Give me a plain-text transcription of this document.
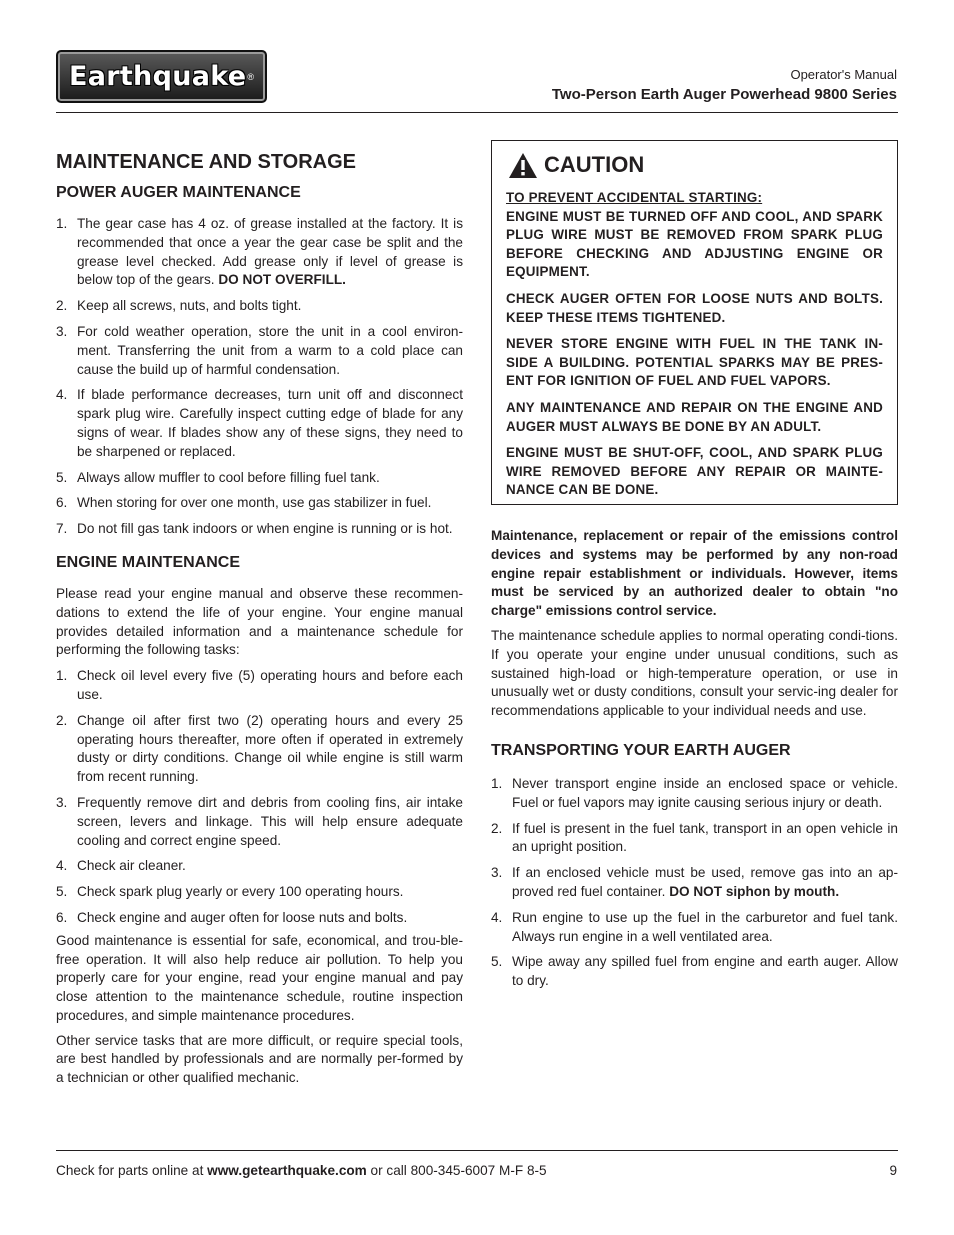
Earthquake ®	Operator's Manual
Two-Person Earth Auger Powerhead 9800 Series
MAINTENANCE AND STORAGE
POWER AUGER MAINTENANCE
1. The gear case has 4 oz. of grease installed at the factory. It is recommended that once a year the gear case be split and the grease level checked. Add grease only if level of grease is below top of the gears. DO NOT OVERFILL.
2. Keep all screws, nuts, and bolts tight.
3. For cold weather operation, store the unit in a cool environ-ment. Transferring the unit from a warm to a cold place can cause the build up of harmful condensation.
4. If blade performance decreases, turn unit off and disconnect spark plug wire. Carefully inspect cutting edge of blade for any signs of wear. If blades show any of these signs, they need to be sharpened or replaced.
5. Always allow muffler to cool before filling fuel tank.
6. When storing for over one month, use gas stabilizer in fuel.
7. Do not fill gas tank indoors or when engine is running or is hot.
ENGINE MAINTENANCE

Please read your engine manual and observe these recommen-dations to extend the life of your engine. Your engine manual provides detailed information and a maintenance schedule for performing the following tasks:

1. Check oil level every five (5) operating hours and before each use.
2. Change oil after first two (2) operating hours and every 25 operating hours thereafter, more often if operated in extremely dusty or dirty conditions. Change oil while engine is still warm from recent running.
3. Frequently remove dirt and debris from cooling fins, air intake screen, levers and linkage. This will help ensure adequate cooling and correct engine speed.
4. Check air cleaner.
5. Check spark plug yearly or every 100 operating hours.
6. Check engine and auger often for loose nuts and bolts.

Good maintenance is essential for safe, economical, and trou-ble-free operation. It will also help reduce air pollution. To help you properly care for your engine, read your engine manual and pay close attention to the maintenance schedule, routine inspection procedures, and simple maintenance procedures.

Other service tasks that are more difficult, or require special tools, are best handled by professionals and are normally per-formed by a technician or other qualified mechanic.

CAUTION

TO PREVENT ACCIDENTAL STARTING:
ENGINE MUST BE TURNED OFF AND COOL, AND SPARK PLUG WIRE MUST BE REMOVED FROM SPARK PLUG BEFORE CHECKING AND ADJUSTING ENGINE OR EQUIPMENT.

CHECK AUGER OFTEN FOR LOOSE NUTS AND BOLTS. KEEP THESE ITEMS TIGHTENED.

NEVER STORE ENGINE WITH FUEL IN THE TANK IN-SIDE A BUILDING. POTENTIAL SPARKS MAY BE PRES-ENT FOR IGNITION OF FUEL AND FUEL VAPORS.

ANY MAINTENANCE AND REPAIR ON THE ENGINE AND AUGER MUST ALWAYS BE DONE BY AN ADULT.

ENGINE MUST BE SHUT-OFF, COOL, AND SPARK PLUG WIRE REMOVED BEFORE ANY REPAIR OR MAINTE-NANCE CAN BE DONE.

Maintenance, replacement or repair of the emissions control devices and systems may be performed by any non-road engine repair establishment or individuals. However, items must be serviced by an authorized dealer to obtain "no charge" emissions control service.

The maintenance schedule applies to normal operating condi-tions. If you operate your engine under unusual conditions, such as sustained high-load or high-temperature operation, or use in unusually wet or dusty conditions, consult your servic-ing dealer for recommendations applicable to your individual needs and use.

TRANSPORTING YOUR EARTH AUGER
1. Never transport engine inside an enclosed space or vehicle. Fuel or fuel vapors may ignite causing serious injury or death.
2. If fuel is present in the fuel tank, transport in an open vehicle in an upright position.
3. If an enclosed vehicle must be used, remove gas into an ap-proved red fuel container. DO NOT siphon by mouth.
4. Run engine to use up the fuel in the carburetor and fuel tank. Always run engine in a well ventilated area.
5. Wipe away any spilled fuel from engine and earth auger. Allow to dry.
Check for parts online at www.getearthquake.com or call 800-345-6007 M-F 8-5	9
